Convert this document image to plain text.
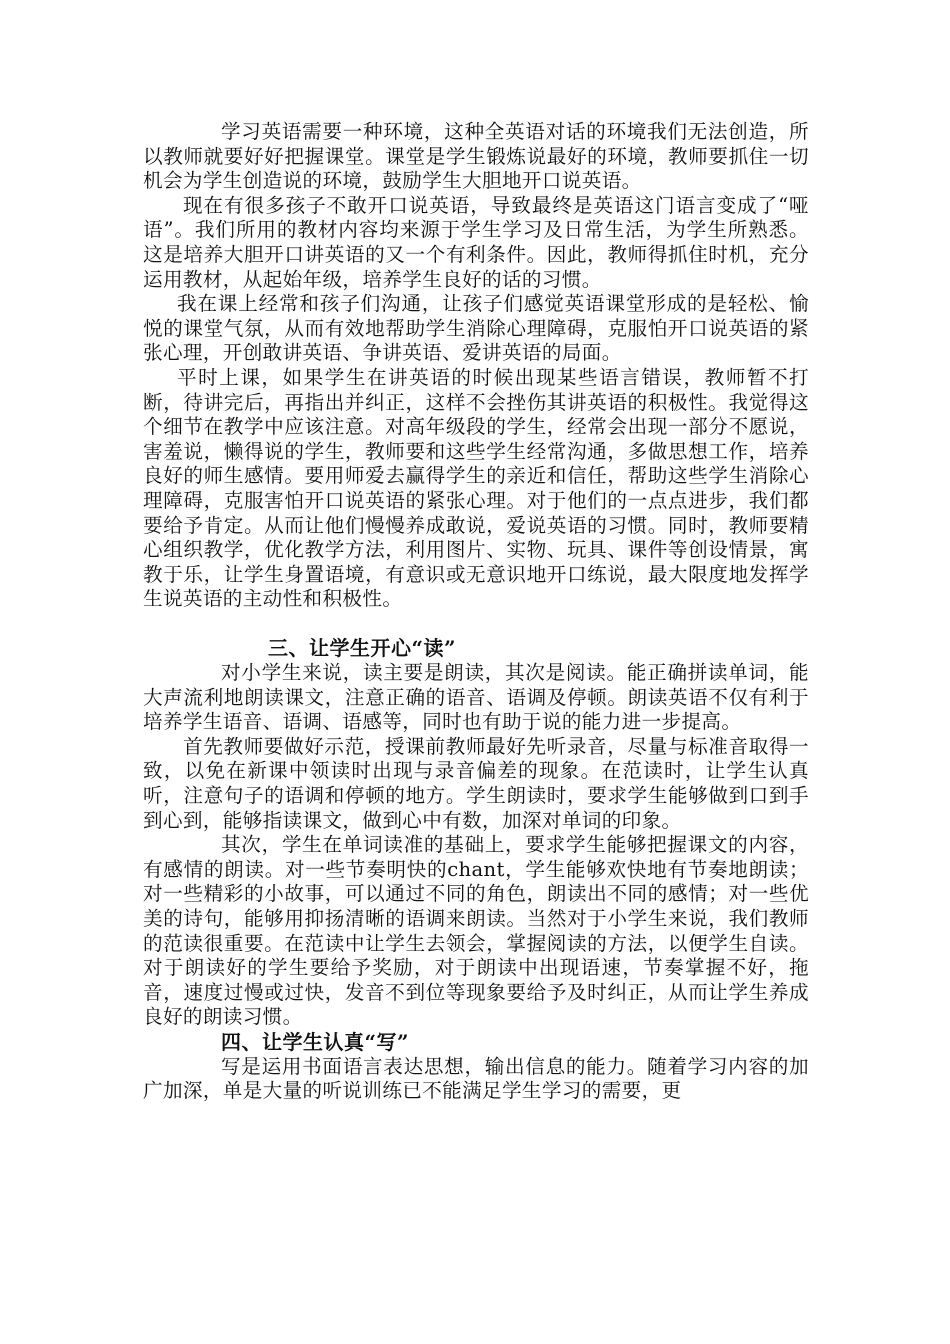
学习英语需要一种环境，这种全英语对话的环境我们无法创造，所以教师就要好好把握课堂。课堂是学生锻炼说最好的环境，教师要抓住一切机会为学生创造说的环境，鼓励学生大胆地开口说英语。

现在有很多孩子不敢开口说英语，导致最终是英语这门语言变成了“哑语”。我们所用的教材内容均来源于学生学习及日常生活，为学生所熟悉。这是培养大胆开口讲英语的又一个有利条件。因此，教师得抓住时机，充分运用教材，从起始年级，培养学生良好的话的习惯。

我在课上经常和孩子们沟通，让孩子们感觉英语课堂形成的是轻松、愉悦的课堂气氛，从而有效地帮助学生消除心理障碍，克服怕开口说英语的紧张心理，开创敢讲英语、争讲英语、爱讲英语的局面。

平时上课，如果学生在讲英语的时候出现某些语言错误，教师暂不打断，待讲完后，再指出并纠正，这样不会挫伤其讲英语的积极性。我觉得这个细节在教学中应该注意。对高年级段的学生，经常会出现一部分不愿说，害羞说，懒得说的学生，教师要和这些学生经常沟通，多做思想工作，培养良好的师生感情。要用师爱去赢得学生的亲近和信任，帮助这些学生消除心理障碍，克服害怕开口说英语的紧张心理。对于他们的一点点进步，我们都要给予肯定。从而让他们慢慢养成敢说，爱说英语的习惯。同时，教师要精心组织教学，优化教学方法，利用图片、实物、玩具、课件等创设情景，寓教于乐，让学生身置语境，有意识或无意识地开口练说，最大限度地发挥学生说英语的主动性和积极性。

三、让学生开心“读”

对小学生来说，读主要是朗读，其次是阅读。能正确拼读单词，能大声流利地朗读课文，注意正确的语音、语调及停顿。朗读英语不仅有利于培养学生语音、语调、语感等，同时也有助于说的能力进一步提高。

首先教师要做好示范，授课前教师最好先听录音，尽量与标准音取得一致，以免在新课中领读时出现与录音偏差的现象。在范读时，让学生认真听，注意句子的语调和停顿的地方。学生朗读时，要求学生能够做到口到手到心到，能够指读课文，做到心中有数，加深对单词的印象。

其次，学生在单词读准的基础上，要求学生能够把握课文的内容，有感情的朗读。对一些节奏明快的chant，学生能够欢快地有节奏地朗读；对一些精彩的小故事，可以通过不同的角色，朗读出不同的感情；对一些优美的诗句，能够用抑扬清晰的语调来朗读。当然对于小学生来说，我们教师的范读很重要。在范读中让学生去领会，掌握阅读的方法，以便学生自读。对于朗读好的学生要给予奖励，对于朗读中出现语速，节奏掌握不好，拖音，速度过慢或过快，发音不到位等现象要给予及时纠正，从而让学生养成良好的朗读习惯。

四、让学生认真“写”

写是运用书面语言表达思想，输出信息的能力。随着学习内容的加广加深，单是大量的听说训练已不能满足学生学习的需要，更
